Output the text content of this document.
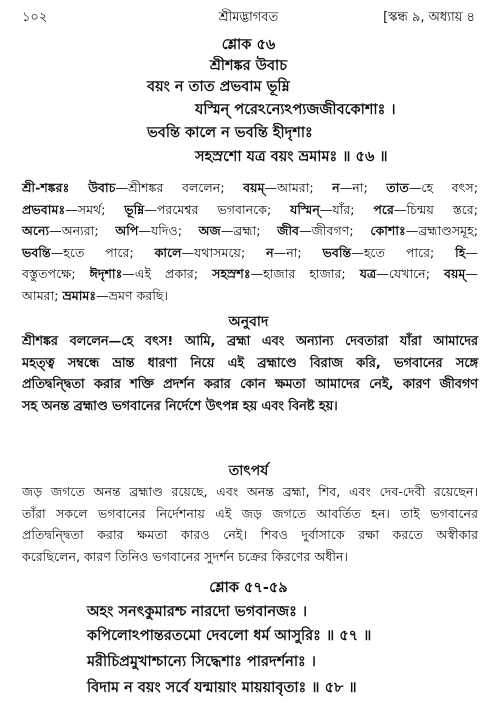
১০২	শ্রীমদ্ভাগবত	[স্কন্ধ ৯, অধ্যায় ৪
শ্লোক ৫৬
শ্রীশঙ্কর উবাচ
বয়ং ন তাত প্রভবাম ভূম্নি
যস্মিন্ পরেঽন্যেঽপ্যজজীবকোশাঃ ।
ভবন্তি কালে ন ভবন্তি হীদৃশাঃ
সহস্রশো যত্র বয়ং ভ্রমামঃ ॥ ৫৬ ॥
শ্রী-শঙ্করঃ উবাচ—শ্রীশঙ্কর বললেন; বয়ম্—আমরা; ন—না; তাত—হে বৎস;
প্রভবামঃ—সমর্থ; ভূম্নি—পরমেশ্বর ভগবানকে; যস্মিন্—যাঁর; পরে—চিন্ময় স্তরে;
অন্যে—অন্যরা; অপি—যদিও; অজ—ব্রহ্মা; জীব—জীবগণ; কোশাঃ—ব্রহ্মাণ্ডসমূহ;
ভবন্তি—হতে পারে; কালে—যথাসময়ে; ন—না; ভবন্তি—হতে পারে; হি—
বস্তুতপক্ষে; ঈদৃশাঃ—এই প্রকার; সহস্রশঃ—হাজার হাজার; যত্র—যেখানে; বয়ম্—
আমরা; ভ্রমামঃ—ভ্রমণ করছি।
অনুবাদ
শ্রীশঙ্কর বললেন—হে বৎস! আমি, ব্রহ্মা এবং অন্যান্য দেবতারা যাঁরা আমাদের
মহত্ত্ব সম্বন্ধে ভ্রান্ত ধারণা নিয়ে এই ব্রহ্মাণ্ডে বিরাজ করি, ভগবানের সঙ্গে
প্রতিদ্বন্দ্বিতা করার শক্তি প্রদর্শন করার কোন ক্ষমতা আমাদের নেই, কারণ জীবগণ
সহ অনন্ত ব্রহ্মাণ্ড ভগবানের নির্দেশে উৎপন্ন হয় এবং বিনষ্ট হয়।
তাৎপর্য
জড় জগতে অনন্ত ব্রহ্মাণ্ড রয়েছে, এবং অনন্ত ব্রহ্মা, শিব, এবং দেব-দেবী রয়েছেন।
তাঁরা সকলে ভগবানের নির্দেশনায় এই জড় জগতে আবর্তিত হন। তাই ভগবানের
প্রতিদ্বন্দ্বিতা করার ক্ষমতা কারও নেই। শিবও দুর্বাসাকে রক্ষা করতে অস্বীকার
করেছিলেন, কারণ তিনিও ভগবানের সুদর্শন চক্রের কিরণের অধীন।
শ্লোক ৫৭-৫৯
অহং সনৎকুমারশ্চ নারদো ভগবানজঃ ।
কপিলোঽপান্তরতমো দেবলো ধর্ম আসুরিঃ ॥ ৫৭ ॥
মরীচিপ্রমুখাশ্চান্যে সিদ্ধেশাঃ পারদর্শনাঃ ।
বিদাম ন বয়ং সর্বে যন্মায়াং মায়য়াবৃতাঃ ॥ ৫৮ ॥
